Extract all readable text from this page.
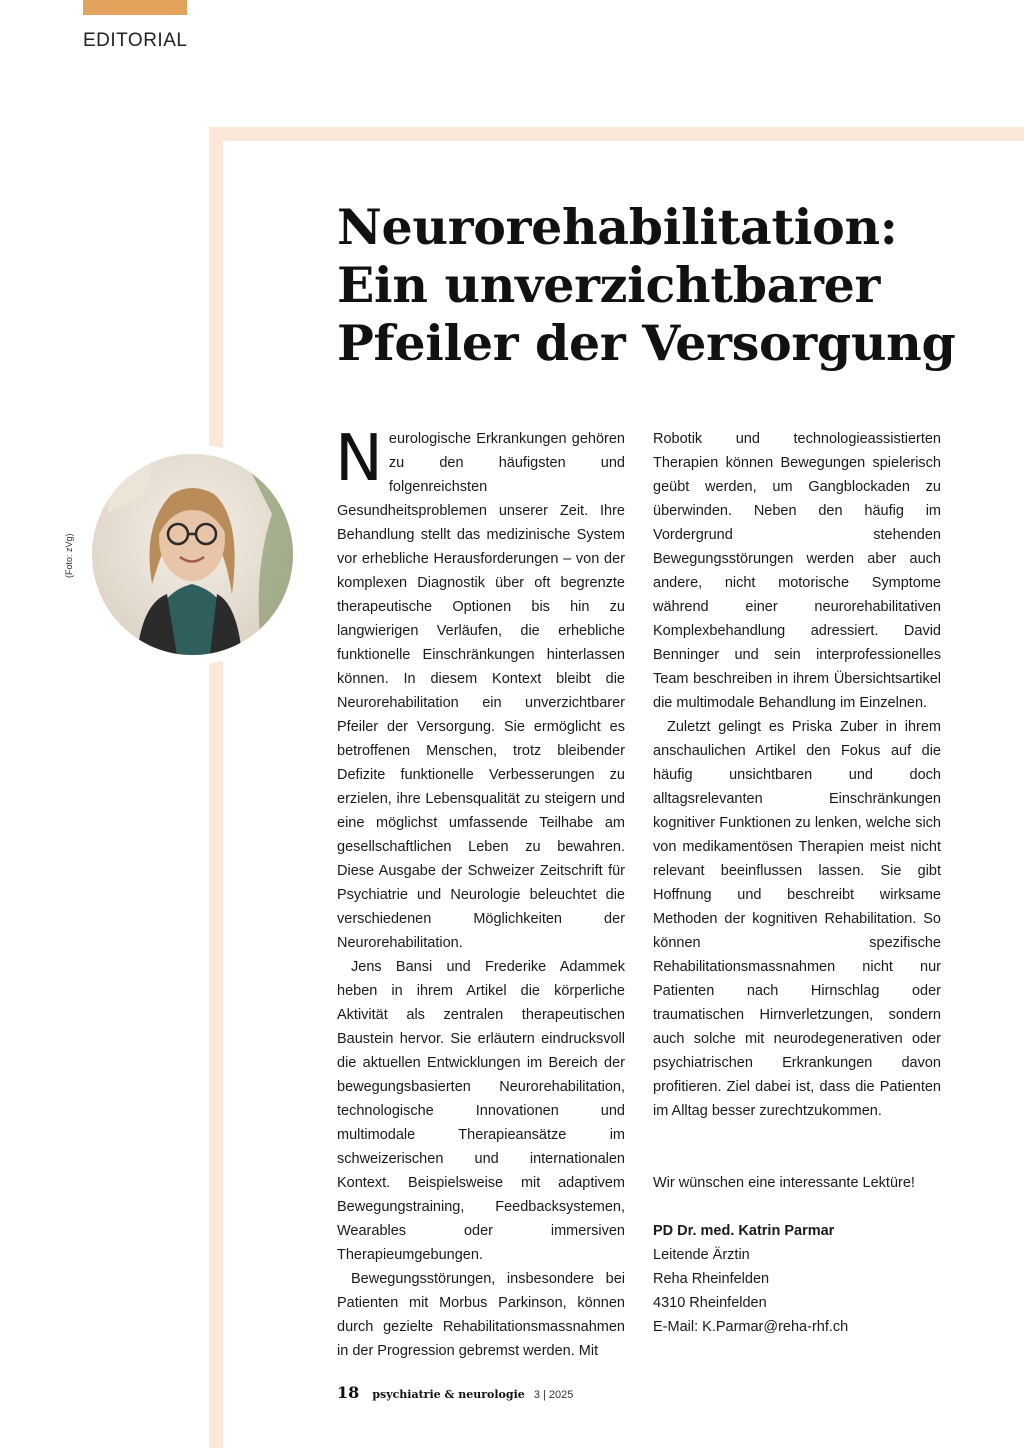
EDITORIAL
Neurorehabilitation:
Ein unverzichtbarer
Pfeiler der Versorgung
(Foto: zVg)

Neurologische Erkrankungen gehören zu den häufigsten und folgenreichsten Gesundheitsproblemen unserer Zeit. Ihre Behandlung stellt das medizinische System vor erhebliche Herausforderungen – von der komplexen Diagnostik über oft begrenzte therapeutische Optionen bis hin zu langwierigen Verläufen, die erhebliche funktionelle Einschränkungen hinterlassen können. In diesem Kontext bleibt die Neurorehabilitation ein unverzichtbarer Pfeiler der Versorgung. Sie ermöglicht es betroffenen Menschen, trotz bleibender Defizite funktionelle Verbesserungen zu erzielen, ihre Lebensqualität zu steigern und eine möglichst umfassende Teilhabe am gesellschaftlichen Leben zu bewahren. Diese Ausgabe der Schweizer Zeitschrift für Psychiatrie und Neurologie beleuchtet die verschiedenen Möglichkeiten der Neurorehabilitation.

Jens Bansi und Frederike Adammek heben in ihrem Artikel die körperliche Aktivität als zentralen therapeutischen Baustein hervor. Sie erläutern eindrucksvoll die aktuellen Entwicklungen im Bereich der bewegungsbasierten Neurorehabilitation, technologische Innovationen und multimodale Therapieansätze im schweizerischen und internationalen Kontext. Beispielsweise mit adaptivem Bewegungstraining, Feedbacksystemen, Wearables oder immersiven Therapieumgebungen.

Bewegungsstörungen, insbesondere bei Patienten mit Morbus Parkinson, können durch gezielte Rehabilitationsmassnahmen in der Progression gebremst werden. Mit

Robotik und technologieassistierten Therapien können Bewegungen spielerisch geübt werden, um Gangblockaden zu überwinden. Neben den häufig im Vordergrund stehenden Bewegungsstörungen werden aber auch andere, nicht motorische Symptome während einer neurorehabilitativen Komplexbehandlung adressiert. David Benninger und sein interprofessionelles Team beschreiben in ihrem Übersichtsartikel die multimodale Behandlung im Einzelnen.

Zuletzt gelingt es Priska Zuber in ihrem anschaulichen Artikel den Fokus auf die häufig unsichtbaren und doch alltagsrelevanten Einschränkungen kognitiver Funktionen zu lenken, welche sich von medikamentösen Therapien meist nicht relevant beeinflussen lassen. Sie gibt Hoffnung und beschreibt wirksame Methoden der kognitiven Rehabilitation. So können spezifische Rehabilitationsmassnahmen nicht nur Patienten nach Hirnschlag oder traumatischen Hirnverletzungen, sondern auch solche mit neurodegenerativen oder psychiatrischen Erkrankungen davon profitieren. Ziel dabei ist, dass die Patienten im Alltag besser zurechtzukommen.

Wir wünschen eine interessante Lektüre!

PD Dr. med. Katrin Parmar

Leitende Ärztin

Reha Rheinfelden

4310 Rheinfelden

E-Mail: K.Parmar@reha-rhf.ch

18 psychiatrie & neurologie 3 | 2025
